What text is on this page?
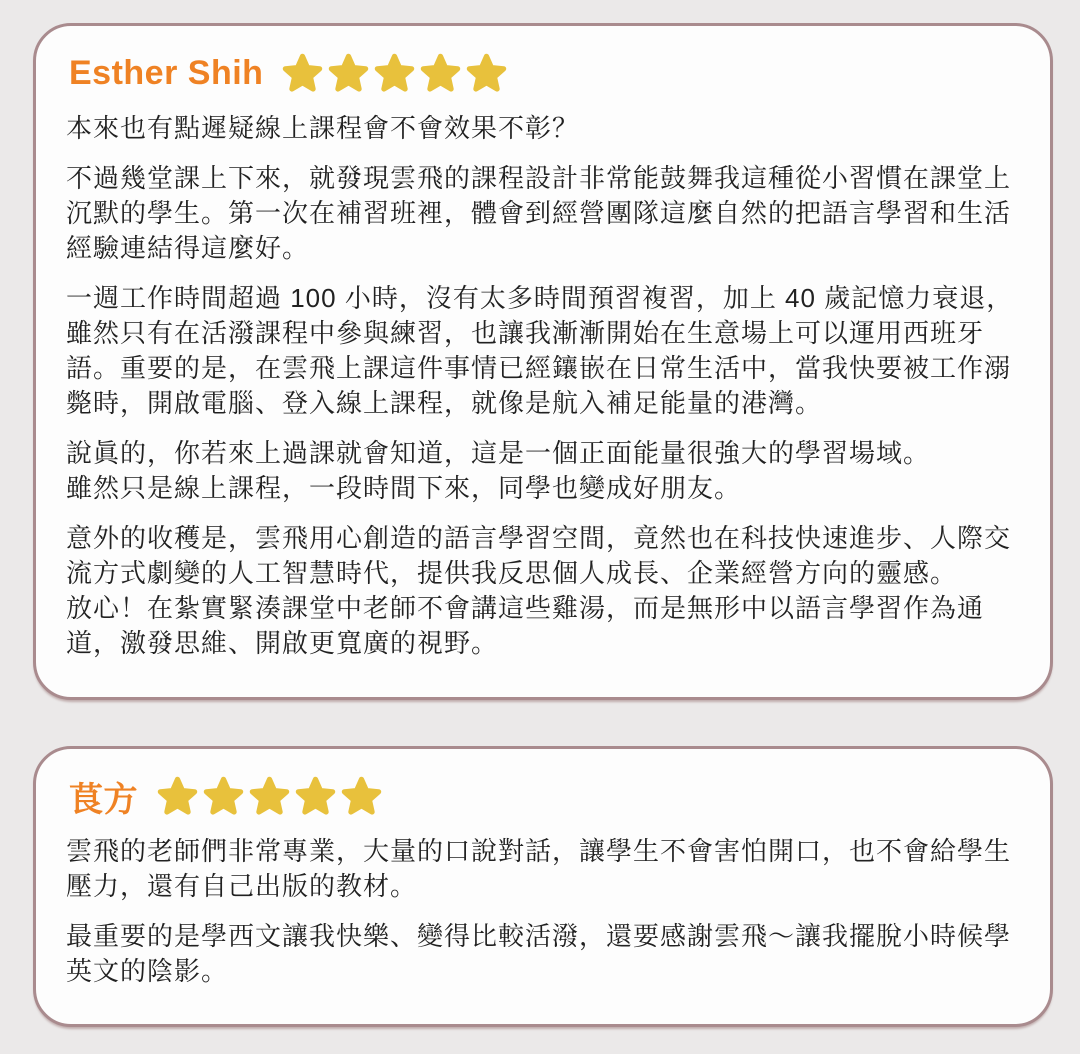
Esther Shih

本來也有點遲疑線上課程會不會效果不彰？

不過幾堂課上下來，就發現雲飛的課程設計非常能鼓舞我這種從小習慣在課堂上沉默的學生。第一次在補習班裡，體會到經營團隊這麼自然的把語言學習和生活經驗連結得這麼好。

一週工作時間超過 100 小時，沒有太多時間預習複習，加上 40 歲記憶力衰退，雖然只有在活潑課程中參與練習，也讓我漸漸開始在生意場上可以運用西班牙語。重要的是，在雲飛上課這件事情已經鑲嵌在日常生活中，當我快要被工作溺斃時，開啟電腦、登入線上課程，就像是航入補足能量的港灣。

說眞的，你若來上過課就會知道，這是一個正面能量很強大的學習場域。
雖然只是線上課程，一段時間下來，同學也變成好朋友。

意外的收穫是，雲飛用心創造的語言學習空間，竟然也在科技快速進步、人際交流方式劇變的人工智慧時代，提供我反思個人成長、企業經營方向的靈感。
放心！在紮實緊湊課堂中老師不會講這些雞湯，而是無形中以語言學習作為通道，激發思維、開啟更寬廣的視野。

茛方

雲飛的老師們非常專業，大量的口說對話，讓學生不會害怕開口，也不會給學生壓力，還有自己出版的教材。

最重要的是學西文讓我快樂、變得比較活潑，還要感謝雲飛～讓我擺脫小時候學英文的陰影。
